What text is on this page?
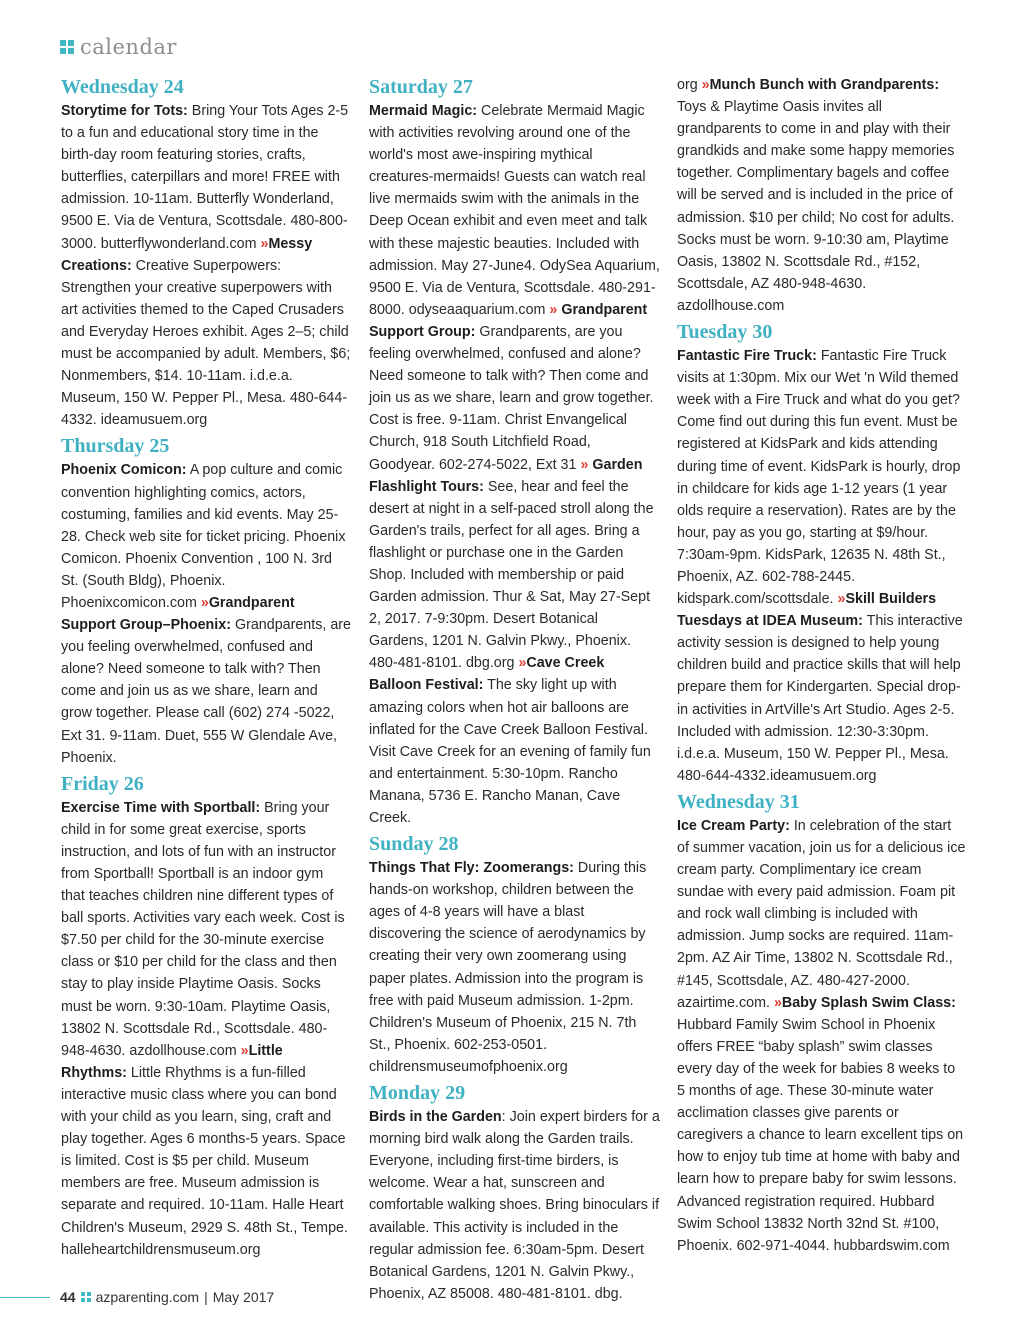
calendar
Wednesday 24

Storytime for Tots: Bring Your Tots Ages 2-5 to a fun and educational story time in the birth-day room featuring stories, crafts, butterflies, caterpillars and more! FREE with admission. 10-11am. Butterfly Wonderland, 9500 E. Via de Ventura, Scottsdale. 480-800-3000. butterflywonderland.com »Messy Creations: Creative Superpowers: Strengthen your creative superpowers with art activities themed to the Caped Crusaders and Everyday Heroes exhibit. Ages 2–5; child must be accompanied by adult. Members, $6; Nonmembers, $14. 10-11am. i.d.e.a. Museum, 150 W. Pepper Pl., Mesa. 480-644-4332. ideamusuem.org

Thursday 25

Phoenix Comicon: A pop culture and comic convention highlighting comics, actors, costuming, families and kid events. May 25-28. Check web site for ticket pricing. Phoenix Comicon. Phoenix Convention , 100 N. 3rd St. (South Bldg), Phoenix. Phoenixcomicon.com »Grandparent Support Group–Phoenix: Grandparents, are you feeling overwhelmed, confused and alone? Need someone to talk with? Then come and join us as we share, learn and grow together. Please call (602) 274 -5022, Ext 31. 9-11am. Duet, 555 W Glendale Ave, Phoenix.

Friday 26

Exercise Time with Sportball: Bring your child in for some great exercise, sports instruction, and lots of fun with an instructor from Sportball! Sportball is an indoor gym that teaches children nine different types of ball sports. Activities vary each week. Cost is $7.50 per child for the 30-minute exercise class or $10 per child for the class and then stay to play inside Playtime Oasis. Socks must be worn. 9:30-10am. Playtime Oasis, 13802 N. Scottsdale Rd., Scottsdale. 480-948-4630. azdollhouse.com »Little Rhythms: Little Rhythms is a fun-filled interactive music class where you can bond with your child as you learn, sing, craft and play together. Ages 6 months-5 years. Space is limited. Cost is $5 per child. Museum members are free. Museum admission is separate and required. 10-11am. Halle Heart Children's Museum, 2929 S. 48th St., Tempe. halleheartchildrensmuseum.org

Saturday 27

Mermaid Magic: Celebrate Mermaid Magic with activities revolving around one of the world's most awe-inspiring mythical creatures-mermaids! Guests can watch real live mermaids swim with the animals in the Deep Ocean exhibit and even meet and talk with these majestic beauties. Included with admission. May 27-June4. OdySea Aquarium, 9500 E. Via de Ventura, Scottsdale. 480-291-8000. odyseaaquarium.com » Grandparent Support Group: Grandparents, are you feeling overwhelmed, confused and alone? Need someone to talk with? Then come and join us as we share, learn and grow together. Cost is free. 9-11am. Christ Envangelical Church, 918 South Litchfield Road, Goodyear. 602-274-5022, Ext 31 » Garden Flashlight Tours: See, hear and feel the desert at night in a self-paced stroll along the Garden's trails, perfect for all ages. Bring a flashlight or purchase one in the Garden Shop. Included with membership or paid Garden admission. Thur & Sat, May 27-Sept 2, 2017. 7-9:30pm. Desert Botanical Gardens, 1201 N. Galvin Pkwy., Phoenix. 480-481-8101. dbg.org »Cave Creek Balloon Festival: The sky light up with amazing colors when hot air balloons are inflated for the Cave Creek Balloon Festival. Visit Cave Creek for an evening of family fun and entertainment. 5:30-10pm. Rancho Manana, 5736 E. Rancho Manan, Cave Creek.

Sunday 28

Things That Fly: Zoomerangs: During this hands-on workshop, children between the ages of 4-8 years will have a blast discovering the science of aerodynamics by creating their very own zoomerang using paper plates. Admission into the program is free with paid Museum admission. 1-2pm. Children's Museum of Phoenix, 215 N. 7th St., Phoenix. 602-253-0501. childrensmuseumofphoenix.org

Monday 29

Birds in the Garden: Join expert birders for a morning bird walk along the Garden trails. Everyone, including first-time birders, is welcome. Wear a hat, sunscreen and comfortable walking shoes. Bring binoculars if available. This activity is included in the regular admission fee. 6:30am-5pm. Desert Botanical Gardens, 1201 N. Galvin Pkwy., Phoenix, AZ 85008. 480-481-8101. dbg.

org »Munch Bunch with Grandparents: Toys & Playtime Oasis invites all grandparents to come in and play with their grandkids and make some happy memories together. Complimentary bagels and coffee will be served and is included in the price of admission. $10 per child; No cost for adults. Socks must be worn. 9-10:30 am, Playtime Oasis, 13802 N. Scottsdale Rd., #152, Scottsdale, AZ 480-948-4630. azdollhouse.com

Tuesday 30

Fantastic Fire Truck: Fantastic Fire Truck visits at 1:30pm. Mix our Wet 'n Wild themed week with a Fire Truck and what do you get? Come find out during this fun event. Must be registered at KidsPark and kids attending during time of event. KidsPark is hourly, drop in childcare for kids age 1-12 years (1 year olds require a reservation). Rates are by the hour, pay as you go, starting at $9/hour. 7:30am-9pm. KidsPark, 12635 N. 48th St., Phoenix, AZ. 602-788-2445. kidspark.com/scottsdale. »Skill Builders Tuesdays at IDEA Museum: This interactive activity session is designed to help young children build and practice skills that will help prepare them for Kindergarten. Special drop-in activities in ArtVille's Art Studio. Ages 2-5. Included with admission. 12:30-3:30pm. i.d.e.a. Museum, 150 W. Pepper Pl., Mesa. 480-644-4332.ideamusuem.org

Wednesday 31

Ice Cream Party: In celebration of the start of summer vacation, join us for a delicious ice cream party. Complimentary ice cream sundae with every paid admission. Foam pit and rock wall climbing is included with admission. Jump socks are required. 11am-2pm. AZ Air Time, 13802 N. Scottsdale Rd., #145, Scottsdale, AZ. 480-427-2000. azairtime.com. »Baby Splash Swim Class: Hubbard Family Swim School in Phoenix offers FREE “baby splash” swim classes every day of the week for babies 8 weeks to 5 months of age. These 30-minute water acclimation classes give parents or caregivers a chance to learn excellent tips on how to enjoy tub time at home with baby and learn how to prepare baby for swim lessons. Advanced registration required. Hubbard Swim School 13832 North 32nd St. #100, Phoenix. 602-971-4044. hubbardswim.com

44 azparenting.com | May 2017
